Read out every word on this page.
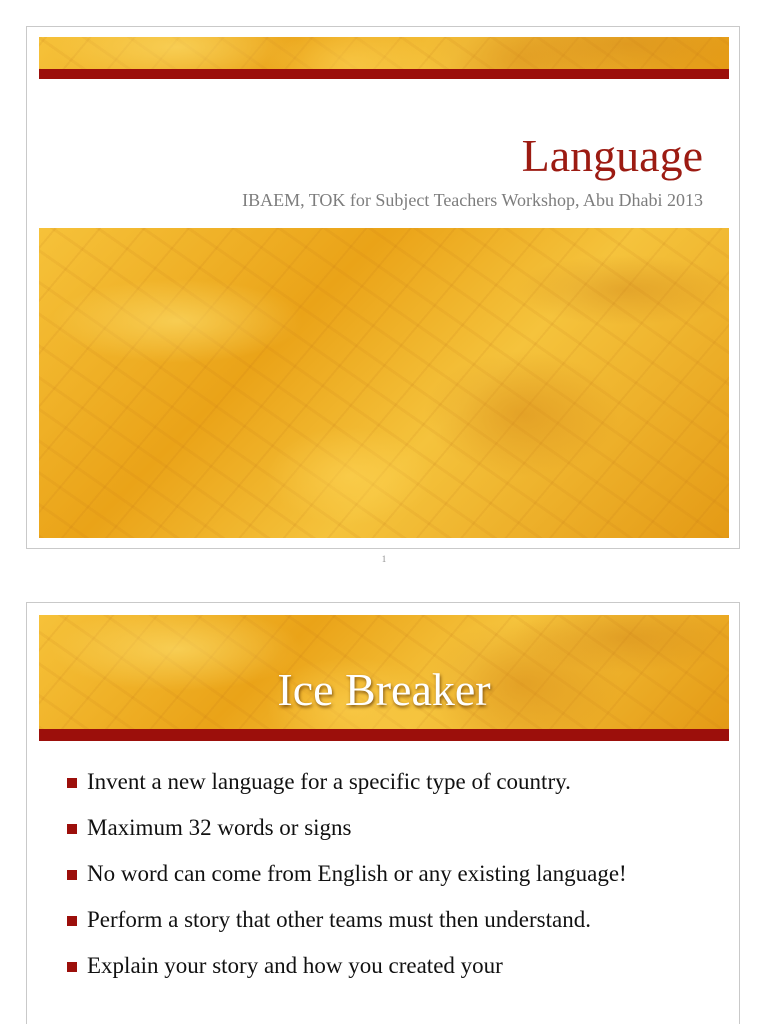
Language

IBAEM, TOK for Subject Teachers Workshop, Abu Dhabi 2013

1
Ice Breaker
Invent a new language for a specific type of country.
Maximum 32 words or signs
No word can come from English or any existing language!
Perform a story that other teams must then understand.
Explain your story and how you created your
